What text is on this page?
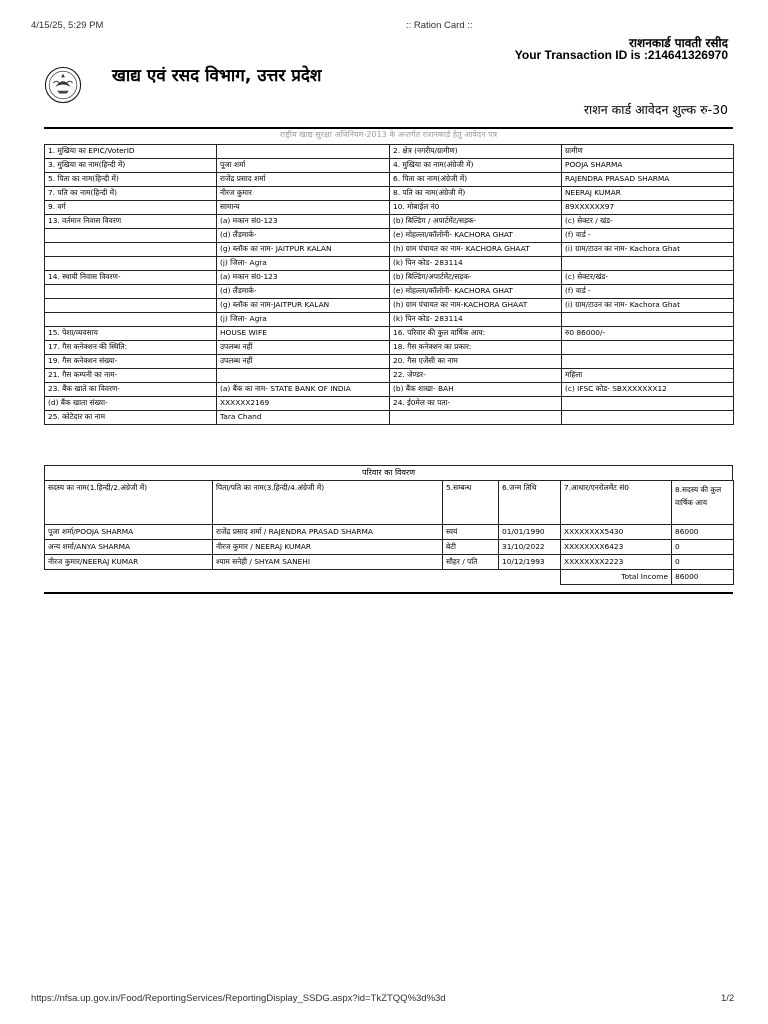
4/15/25, 5:29 PM	:: Ration Card ::
खाद्य एवं रसद विभाग, उत्तर प्रदेश
राशनकार्ड पावती रसीद
Your Transaction ID is :214641326970
राशन कार्ड आवेदन शुल्क रु-30
राष्ट्रीय खाद्य सुरक्षा अधिनियम-2013 के अन्तर्गत राशनकार्ड हेतु आवेदन पत्र
1. मुखिया का EPIC/VoterID		2. क्षेत्र (नगरीय/ग्रामीण)	ग्रामीण
3. मुखिया का नाम(हिन्दी में)	पूजा शर्मा	4. मुखिया का नाम(अंग्रेजी में)	POOJA SHARMA
5. पिता का नाम(हिन्दी में)	राजेंद्र प्रसाद शर्मा	6. पिता का नाम(अंग्रेजी में)	RAJENDRA PRASAD SHARMA
7. पति का नाम(हिन्दी में)	नीरज कुमार	8. पति का नाम(अंग्रेजी में)	NEERAJ KUMAR
9. वर्ग	सामान्य	10. मोबाईल नं0	89XXXXXX97
13. वर्तमान निवास विवरण	(a) मकान सं0-123	(b) बिल्डिंग / अपार्टमेंट/सड़क-	(c) सेक्टर / खंड-
	(d) लैंडमार्क-	(e) मोहल्ला/कॉलोनी- KACHORA GHAT	(f) वार्ड -
	(g) ब्लॉक का नाम- JAITPUR KALAN	(h) ग्राम पंचायत का नाम- KACHORA GHAAT	(i) ग्राम/टाउन का नाम- Kachora Ghat
	(j) जिला- Agra	(k) पिन कोड- 283114	
14. स्थायी निवास विवरण-	(a) मकान सं0-123	(b) बिल्डिंग/अपार्टमेंट/सड़क-	(c) सेक्टर/खंड-
	(d) लैंडमार्क-	(e) मोहल्ला/कॉलोनी- KACHORA GHAT	(f) वार्ड -
	(g) ब्लॉक का नाम-JAITPUR KALAN	(h) ग्राम पंचायत का नाम-KACHORA GHAAT	(i) ग्राम/टाउन का नाम- Kachora Ghat
	(j) जिला- Agra	(k) पिन कोड- 283114	
15. पेशा/व्यवसाय	HOUSE WIFE	16. परिवार की कुल वार्षिक आय:	रु0 86000/-
17. गैस कनेक्शन की स्थिति:	उपलब्ध नहीं	18. गैस कनेक्शन का प्रकार:	
19. गैस कनेक्शन संख्या-	उपलब्ध नहीं	20. गैस एजेंसी का नाम	
21. गैस कम्पनी का नाम-		22. जेण्डर-	महिला
23. बैंक खाते का विवरण-	(a) बैंक का नाम- STATE BANK OF INDIA	(b) बैंक शाखा- BAH	(c) IFSC कोड- SBXXXXXXX12
(d) बैंक खाता संख्या-	XXXXXX2169	24. ई0मेल का पता-	
25. कोटेदार का नाम	Tara Chand		
परिवार का विवरण
सदस्य का नाम(1.हिन्दी/2.अंग्रेजी में)	पिता/पति का नाम(3.हिन्दी/4.अंग्रेजी में)	5.सम्बन्ध	6.जन्म तिथि	7.आधार/एनरोलमेंट सं0	8.सदस्य की कुल वार्षिक आय
पूजा शर्मा/POOJA SHARMA	राजेंद्र प्रसाद शर्मा / RAJENDRA PRASAD SHARMA	स्वयं	01/01/1990	XXXXXXXX5430	86000
अन्य शर्मा/ANYA SHARMA	नीरज कुमार / NEERAJ KUMAR	बेटी	31/10/2022	XXXXXXXX6423	0
नीरज कुमार/NEERAJ KUMAR	श्याम सनेही / SHYAM SANEHI	सौहर / पति	10/12/1993	XXXXXXXX2223	0
				Total Income	86000
https://nfsa.up.gov.in/Food/ReportingServices/ReportingDisplay_SSDG.aspx?id=TkZTQQ%3d%3d	1/2
